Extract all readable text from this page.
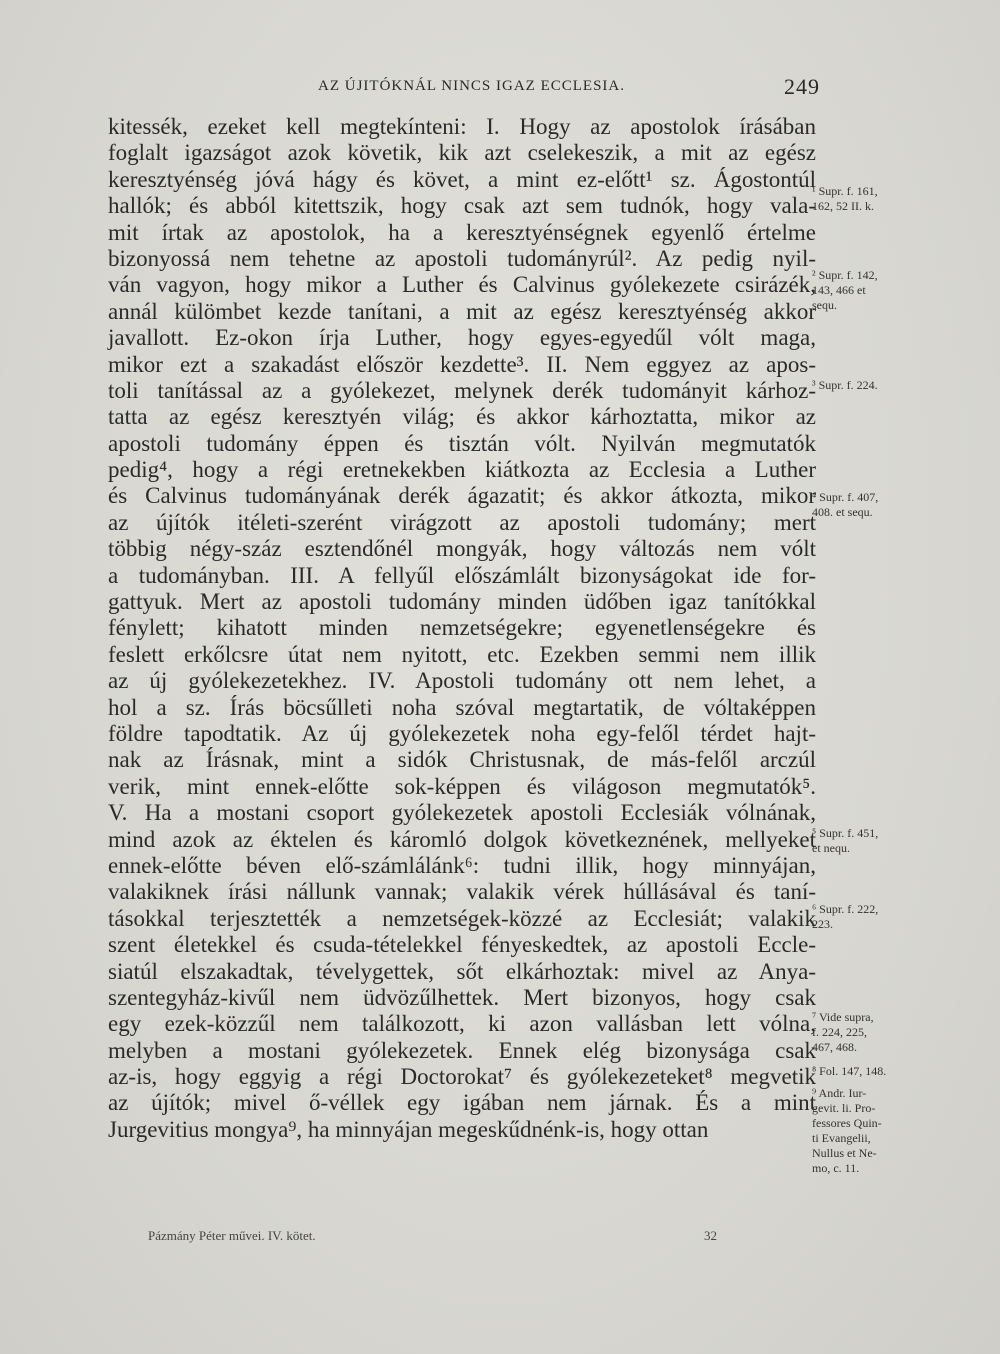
AZ ÚJITÓKNÁL NINCS IGAZ ECCLESIA.	249
kitessék, ezeket kell megtekínteni: I. Hogy az apostolok írásában
foglalt igazságot azok követik, kik azt cselekeszik, a mit az egész
keresztyénség jóvá hágy és követ, a mint ez-előtt¹ sz. Ágostontúl
hallók; és abból kitettszik, hogy csak azt sem tudnók, hogy vala-
mit írtak az apostolok, ha a keresztyénségnek egyenlő értelme
bizonyossá nem tehetne az apostoli tudományrúl². Az pedig nyil-
ván vagyon, hogy mikor a Luther és Calvinus gyólekezete csirázék,
annál külömbet kezde tanítani, a mit az egész keresztyénség akkor
javallott. Ez-okon írja Luther, hogy egyes-egyedűl vólt maga,
mikor ezt a szakadást először kezdette³. II. Nem eggyez az apos-
toli tanítással az a gyólekezet, melynek derék tudományit kárhoz-
tatta az egész keresztyén világ; és akkor kárhoztatta, mikor az
apostoli tudomány éppen és tisztán vólt. Nyilván megmutatók
pedig⁴, hogy a régi eretnekekben kiátkozta az Ecclesia a Luther
és Calvinus tudományának derék ágazatit; és akkor átkozta, mikor
az újítók itéleti-szerént virágzott az apostoli tudomány; mert
többig négy-száz esztendőnél mongyák, hogy változás nem vólt
a tudományban. III. A fellyűl előszámlált bizonyságokat ide for-
gattyuk. Mert az apostoli tudomány minden üdőben igaz tanítókkal
fénylett; kihatott minden nemzetségekre; egyenetlenségekre és
feslett erkőlcsre útat nem nyitott, etc. Ezekben semmi nem illik
az új gyólekezetekhez. IV. Apostoli tudomány ott nem lehet, a
hol a sz. Írás böcsűlleti noha szóval megtartatik, de vóltaképpen
földre tapodtatik. Az új gyólekezetek noha egy-felől térdet hajt-
nak az Írásnak, mint a sidók Christusnak, de más-felől arczúl
verik, mint ennek-előtte sok-képpen és világoson megmutatók⁵.
V. Ha a mostani csoport gyólekezetek apostoli Ecclesiák vólnának,
mind azok az éktelen és káromló dolgok következnének, mellyeket
ennek-előtte béven elő-számlálánk⁶: tudni illik, hogy minnyájan,
valakiknek írási nállunk vannak; valakik vérek húllásával és taní-
tásokkal terjesztették a nemzetségek-közzé az Ecclesiát; valakik
szent életekkel és csuda-tételekkel fényeskedtek, az apostoli Eccle-
siatúl elszakadtak, tévelygettek, sőt elkárhoztak: mivel az Anya-
szentegyház-kivűl nem üdvözűlhettek. Mert bizonyos, hogy csak
egy ezek-közzűl nem találkozott, ki azon vallásban lett vólna,
melyben a mostani gyólekezetek. Ennek elég bizonysága csak
az-is, hogy eggyig a régi Doctorokat⁷ és gyólekezeteket⁸ megvetik
az újítók; mivel ő-véllek egy igában nem járnak. És a mint
Jurgevitius mongya⁹, ha minnyájan megeskűdnénk-is, hogy ottan
¹ Supr. f. 161,
162, 52 II. k.
² Supr. f. 142,
143, 466 et
sequ.
³ Supr. f. 224.
⁴ Supr. f. 407,
408. et sequ.
⁵ Supr. f. 451,
et nequ.
⁶ Supr. f. 222,
223.
⁷ Vide supra,
f. 224, 225,
467, 468.
⁸ Fol. 147, 148.
⁹ Andr. Iur-
gevit. li. Pro-
fessores Quin-
ti Evangelii,
Nullus et Ne-
mo, c. 11.
Pázmány Péter művei. IV. kötet.	32
